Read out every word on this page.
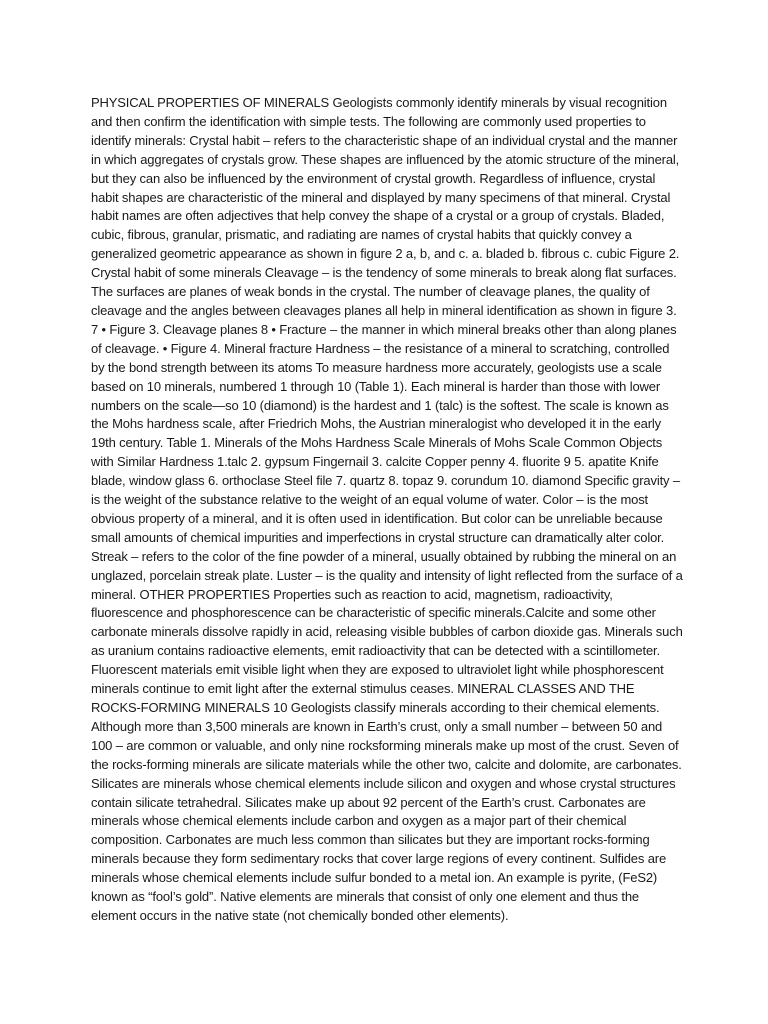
PHYSICAL PROPERTIES OF MINERALS Geologists commonly identify minerals by visual recognition and then confirm the identification with simple tests. The following are commonly used properties to identify minerals: Crystal habit – refers to the characteristic shape of an individual crystal and the manner in which aggregates of crystals grow. These shapes are influenced by the atomic structure of the mineral, but they can also be influenced by the environment of crystal growth. Regardless of influence, crystal habit shapes are characteristic of the mineral and displayed by many specimens of that mineral. Crystal habit names are often adjectives that help convey the shape of a crystal or a group of crystals. Bladed, cubic, fibrous, granular, prismatic, and radiating are names of crystal habits that quickly convey a generalized geometric appearance as shown in figure 2 a, b, and c. a. bladed b. fibrous c. cubic Figure 2. Crystal habit of some minerals Cleavage – is the tendency of some minerals to break along flat surfaces. The surfaces are planes of weak bonds in the crystal. The number of cleavage planes, the quality of cleavage and the angles between cleavages planes all help in mineral identification as shown in figure 3. 7 • Figure 3. Cleavage planes 8 • Fracture – the manner in which mineral breaks other than along planes of cleavage. • Figure 4. Mineral fracture Hardness – the resistance of a mineral to scratching, controlled by the bond strength between its atoms To measure hardness more accurately, geologists use a scale based on 10 minerals, numbered 1 through 10 (Table 1). Each mineral is harder than those with lower numbers on the scale—so 10 (diamond) is the hardest and 1 (talc) is the softest. The scale is known as the Mohs hardness scale, after Friedrich Mohs, the Austrian mineralogist who developed it in the early 19th century. Table 1. Minerals of the Mohs Hardness Scale Minerals of Mohs Scale Common Objects with Similar Hardness 1.talc 2. gypsum Fingernail 3. calcite Copper penny 4. fluorite 9 5. apatite Knife blade, window glass 6. orthoclase Steel file 7. quartz 8. topaz 9. corundum 10. diamond Specific gravity – is the weight of the substance relative to the weight of an equal volume of water. Color – is the most obvious property of a mineral, and it is often used in identification. But color can be unreliable because small amounts of chemical impurities and imperfections in crystal structure can dramatically alter color. Streak – refers to the color of the fine powder of a mineral, usually obtained by rubbing the mineral on an unglazed, porcelain streak plate. Luster – is the quality and intensity of light reflected from the surface of a mineral. OTHER PROPERTIES Properties such as reaction to acid, magnetism, radioactivity, fluorescence and phosphorescence can be characteristic of specific minerals.Calcite and some other carbonate minerals dissolve rapidly in acid, releasing visible bubbles of carbon dioxide gas. Minerals such as uranium contains radioactive elements, emit radioactivity that can be detected with a scintillometer. Fluorescent materials emit visible light when they are exposed to ultraviolet light while phosphorescent minerals continue to emit light after the external stimulus ceases. MINERAL CLASSES AND THE ROCKS-FORMING MINERALS 10 Geologists classify minerals according to their chemical elements. Although more than 3,500 minerals are known in Earth’s crust, only a small number – between 50 and 100 – are common or valuable, and only nine rocksforming minerals make up most of the crust. Seven of the rocks-forming minerals are silicate materials while the other two, calcite and dolomite, are carbonates. Silicates are minerals whose chemical elements include silicon and oxygen and whose crystal structures contain silicate tetrahedral. Silicates make up about 92 percent of the Earth’s crust. Carbonates are minerals whose chemical elements include carbon and oxygen as a major part of their chemical composition. Carbonates are much less common than silicates but they are important rocks-forming minerals because they form sedimentary rocks that cover large regions of every continent. Sulfides are minerals whose chemical elements include sulfur bonded to a metal ion. An example is pyrite, (FeS2) known as “fool’s gold”. Native elements are minerals that consist of only one element and thus the element occurs in the native state (not chemically bonded other elements).
